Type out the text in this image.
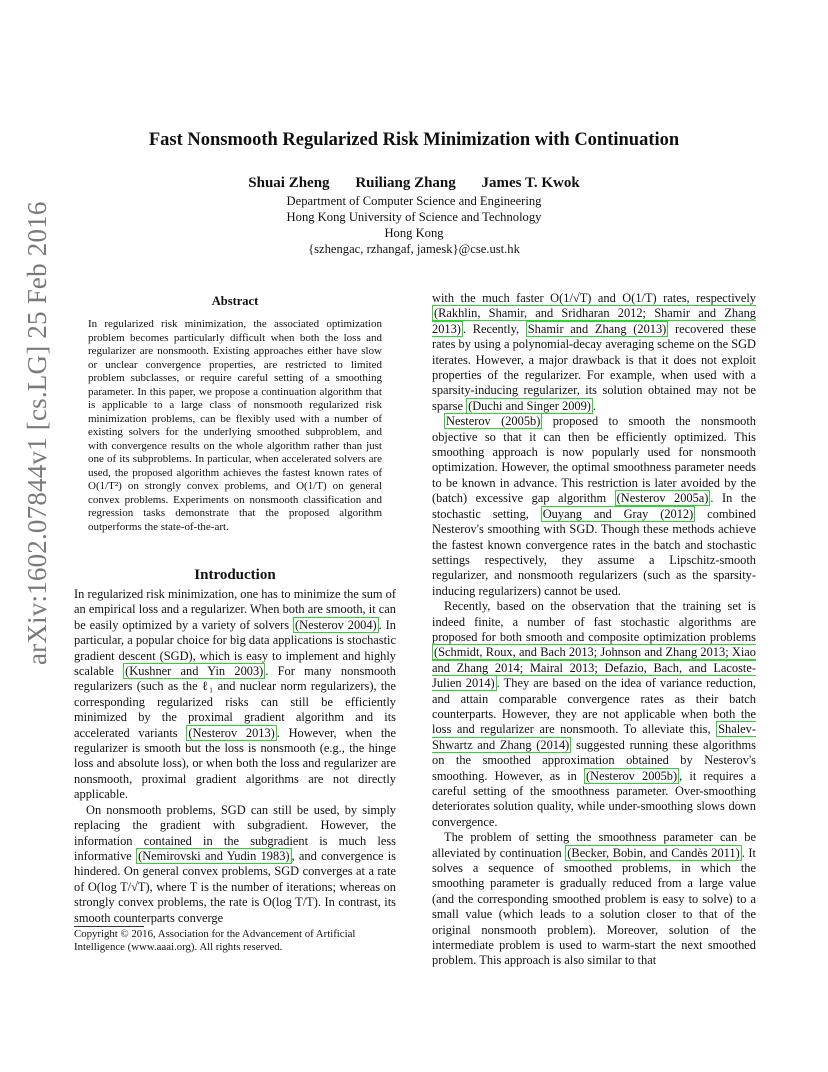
arXiv:1602.07844v1 [cs.LG] 25 Feb 2016
Fast Nonsmooth Regularized Risk Minimization with Continuation
Shuai Zheng Ruiliang Zhang James T. Kwok
Department of Computer Science and Engineering
Hong Kong University of Science and Technology
Hong Kong
{szhengac, rzhangaf, jamesk}@cse.ust.hk
Abstract

In regularized risk minimization, the associated optimization problem becomes particularly difficult when both the loss and regularizer are nonsmooth. Existing approaches either have slow or unclear convergence properties, are restricted to limited problem subclasses, or require careful setting of a smoothing parameter. In this paper, we propose a continuation algorithm that is applicable to a large class of nonsmooth regularized risk minimization problems, can be flexibly used with a number of existing solvers for the underlying smoothed subproblem, and with convergence results on the whole algorithm rather than just one of its subproblems. In particular, when accelerated solvers are used, the proposed algorithm achieves the fastest known rates of O(1/T²) on strongly convex problems, and O(1/T) on general convex problems. Experiments on nonsmooth classification and regression tasks demonstrate that the proposed algorithm outperforms the state-of-the-art.

Introduction

In regularized risk minimization, one has to minimize the sum of an empirical loss and a regularizer. When both are smooth, it can be easily optimized by a variety of solvers (Nesterov 2004) . In particular, a popular choice for big data applications is stochastic gradient descent (SGD), which is easy to implement and highly scalable (Kushner and Yin 2003) . For many nonsmooth regularizers (such as the ℓ₁ and nuclear norm regularizers), the corresponding regularized risks can still be efficiently minimized by the proximal gradient algorithm and its accelerated variants (Nesterov 2013) . However, when the regularizer is smooth but the loss is nonsmooth (e.g., the hinge loss and absolute loss), or when both the loss and regularizer are nonsmooth, proximal gradient algorithms are not directly applicable.

On nonsmooth problems, SGD can still be used, by simply replacing the gradient with subgradient. However, the information contained in the subgradient is much less informative (Nemirovski and Yudin 1983) , and convergence is hindered. On general convex problems, SGD converges at a rate of O(log T/√T), where T is the number of iterations; whereas on strongly convex problems, the rate is O(log T/T). In contrast, its smooth counterparts converge

Copyright © 2016, Association for the Advancement of Artificial Intelligence (www.aaai.org). All rights reserved.

with the much faster O(1/√T) and O(1/T) rates, respectively (Rakhlin, Shamir, and Sridharan 2012; Shamir and Zhang 2013) . Recently, Shamir and Zhang (2013) recovered these rates by using a polynomial-decay averaging scheme on the SGD iterates. However, a major drawback is that it does not exploit properties of the regularizer. For example, when used with a sparsity-inducing regularizer, its solution obtained may not be sparse (Duchi and Singer 2009) .

Nesterov (2005b) proposed to smooth the nonsmooth objective so that it can then be efficiently optimized. This smoothing approach is now popularly used for nonsmooth optimization. However, the optimal smoothness parameter needs to be known in advance. This restriction is later avoided by the (batch) excessive gap algorithm (Nesterov 2005a) . In the stochastic setting, Ouyang and Gray (2012) combined Nesterov's smoothing with SGD. Though these methods achieve the fastest known convergence rates in the batch and stochastic settings respectively, they assume a Lipschitz-smooth regularizer, and nonsmooth regularizers (such as the sparsity-inducing regularizers) cannot be used.

Recently, based on the observation that the training set is indeed finite, a number of fast stochastic algorithms are proposed for both smooth and composite optimization problems (Schmidt, Roux, and Bach 2013; Johnson and Zhang 2013; Xiao and Zhang 2014; Mairal 2013; Defazio, Bach, and Lacoste-Julien 2014) . They are based on the idea of variance reduction, and attain comparable convergence rates as their batch counterparts. However, they are not applicable when both the loss and regularizer are nonsmooth. To alleviate this, Shalev-Shwartz and Zhang (2014) suggested running these algorithms on the smoothed approximation obtained by Nesterov's smoothing. However, as in (Nesterov 2005b) , it requires a careful setting of the smoothness parameter. Over-smoothing deteriorates solution quality, while under-smoothing slows down convergence.

The problem of setting the smoothness parameter can be alleviated by continuation (Becker, Bobin, and Candès 2011) . It solves a sequence of smoothed problems, in which the smoothing parameter is gradually reduced from a large value (and the corresponding smoothed problem is easy to solve) to a small value (which leads to a solution closer to that of the original nonsmooth problem). Moreover, solution of the intermediate problem is used to warm-start the next smoothed problem. This approach is also similar to that
